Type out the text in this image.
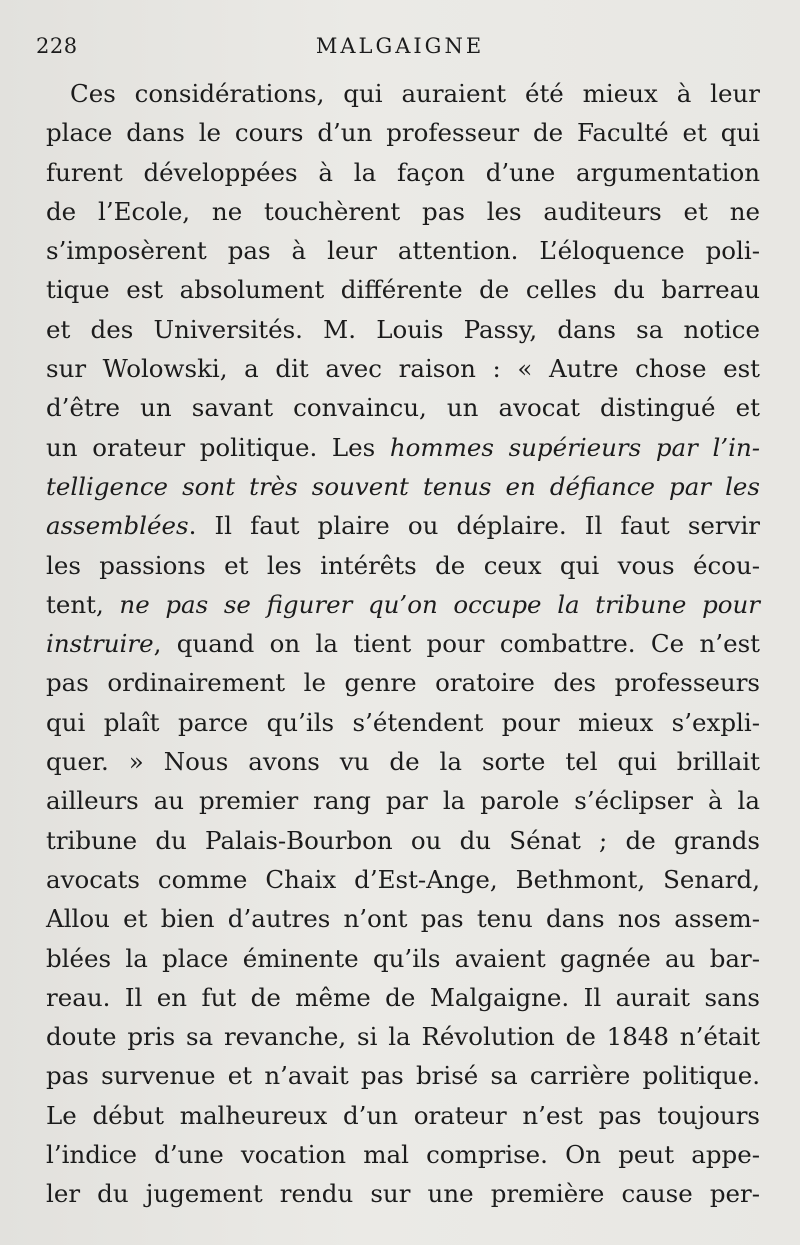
228	MALGAIGNE
Ces considérations, qui auraient été mieux à leur
place dans le cours d’un professeur de Faculté et qui
furent développées à la façon d’une argumentation
de l’Ecole, ne touchèrent pas les auditeurs et ne
s’imposèrent pas à leur attention. L’éloquence poli-
tique est absolument différente de celles du barreau
et des Universités. M. Louis Passy, dans sa notice
sur Wolowski, a dit avec raison : « Autre chose est
d’être un savant convaincu, un avocat distingué et
un orateur politique. Les hommes supérieurs par l’in-
telligence sont très souvent tenus en défiance par les
assemblées. Il faut plaire ou déplaire. Il faut servir
les passions et les intérêts de ceux qui vous écou-
tent, ne pas se figurer qu’on occupe la tribune pour
instruire, quand on la tient pour combattre. Ce n’est
pas ordinairement le genre oratoire des professeurs
qui plaît parce qu’ils s’étendent pour mieux s’expli-
quer. » Nous avons vu de la sorte tel qui brillait
ailleurs au premier rang par la parole s’éclipser à la
tribune du Palais-Bourbon ou du Sénat ; de grands
avocats comme Chaix d’Est-Ange, Bethmont, Senard,
Allou et bien d’autres n’ont pas tenu dans nos assem-
blées la place éminente qu’ils avaient gagnée au bar-
reau. Il en fut de même de Malgaigne. Il aurait sans
doute pris sa revanche, si la Révolution de 1848 n’était
pas survenue et n’avait pas brisé sa carrière politique.
Le début malheureux d’un orateur n’est pas toujours
l’indice d’une vocation mal comprise. On peut appe-
ler du jugement rendu sur une première cause per-
